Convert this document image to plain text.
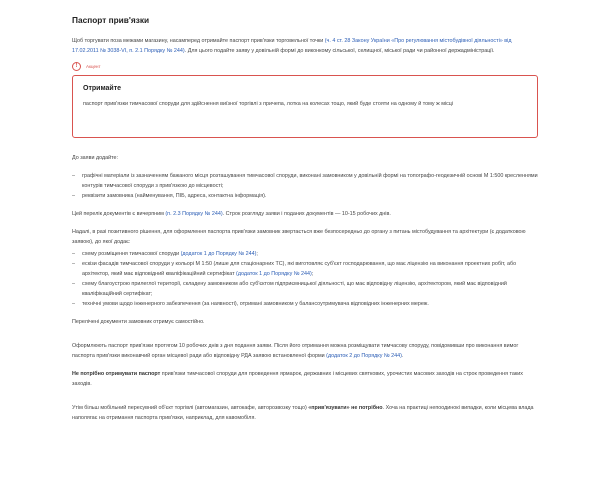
Паспорт прив'язки

Щоб торгувати поза межами магазину, насамперед отримайте паспорт прив'язки торговельної точки (ч. 4 ст. 28 Закону України «Про регулювання містобудівної діяльності» від 17.02.2011 № 3038-VI, п. 2.1 Порядку № 244). Для цього подайте заяву у довільній формі до виконкому сільської, селищної, міської ради чи районної держадміністрації.

!	Акцент
Отримайте
паспорт прив'язки тимчасової споруди для здійснення виїзної торгівлі з причепа, лотка на колесах тощо, який буде стояти на одному й тому ж місці

До заяви додайте:

– графічні матеріали із зазначенням бажаного місця розташування тимчасової споруди, виконані замовником у довільній формі на топографо-геодезичній основі М 1:500 кресленнями контурів тимчасової споруди з прив'язкою до місцевості;
– реквізити замовника (найменування, ПІБ, адреса, контактна інформація).

Цей перелік документів є вичерпним (п. 2.3 Порядку № 244). Строк розгляду заяви і поданих документів — 10-15 робочих днів.

Надалі, в разі позитивного рішення, для оформлення паспорта прив'язки замовник звертається вже безпосередньо до органу з питань містобудування та архітектури (є додатковою заявою), до якої додає:

– схему розміщення тимчасової споруди (додаток 1 до Порядку № 244);
– ескізи фасадів тимчасової споруди у кольорі М 1:50 (лише для стаціонарних ТС), які виготовляє суб'єкт господарювання, що має ліцензію на виконання проектних робіт, або архітектор, який має відповідний кваліфікаційний сертифікат (додаток 1 до Порядку № 244);
– схему благоустрою прилеглої території, складену замовником або суб'єктом підприємницької діяльності, що має відповідну ліцензію, архітектором, який має відповідний кваліфікаційний сертифікат;
– технічні умови щодо інженерного забезпечення (за наявності), отримані замовником у балансоутримувача відповідних інженерних мереж.

Перелічені документи замовник отримує самостійно.

Оформлюють паспорт прив'язки протягом 10 робочих днів з дня подання заяви. Після його отримання можна розміщувати тимчасову споруду, повідомивши про виконання вимог паспорта прив'язки виконавчий орган місцевої ради або відповідну РДА заявою встановленої форми (додаток 2 до Порядку № 244).

Не потрібно отримувати паспорт прив'язки тимчасової споруди для проведення ярмарок, державних і місцевих святкових, урочистих масових заходів на строк проведення таких заходів.

Утім більш мобільний пересувний об'єкт торгівлі (автомагазин, автокафе, авторозвозку тощо) «прив'язувати» не потрібно. Хоча на практиці непоодинокі випадки, коли місцева влада наполягає на отримання паспорта прив'язки, наприклад, для кавомобіля.
